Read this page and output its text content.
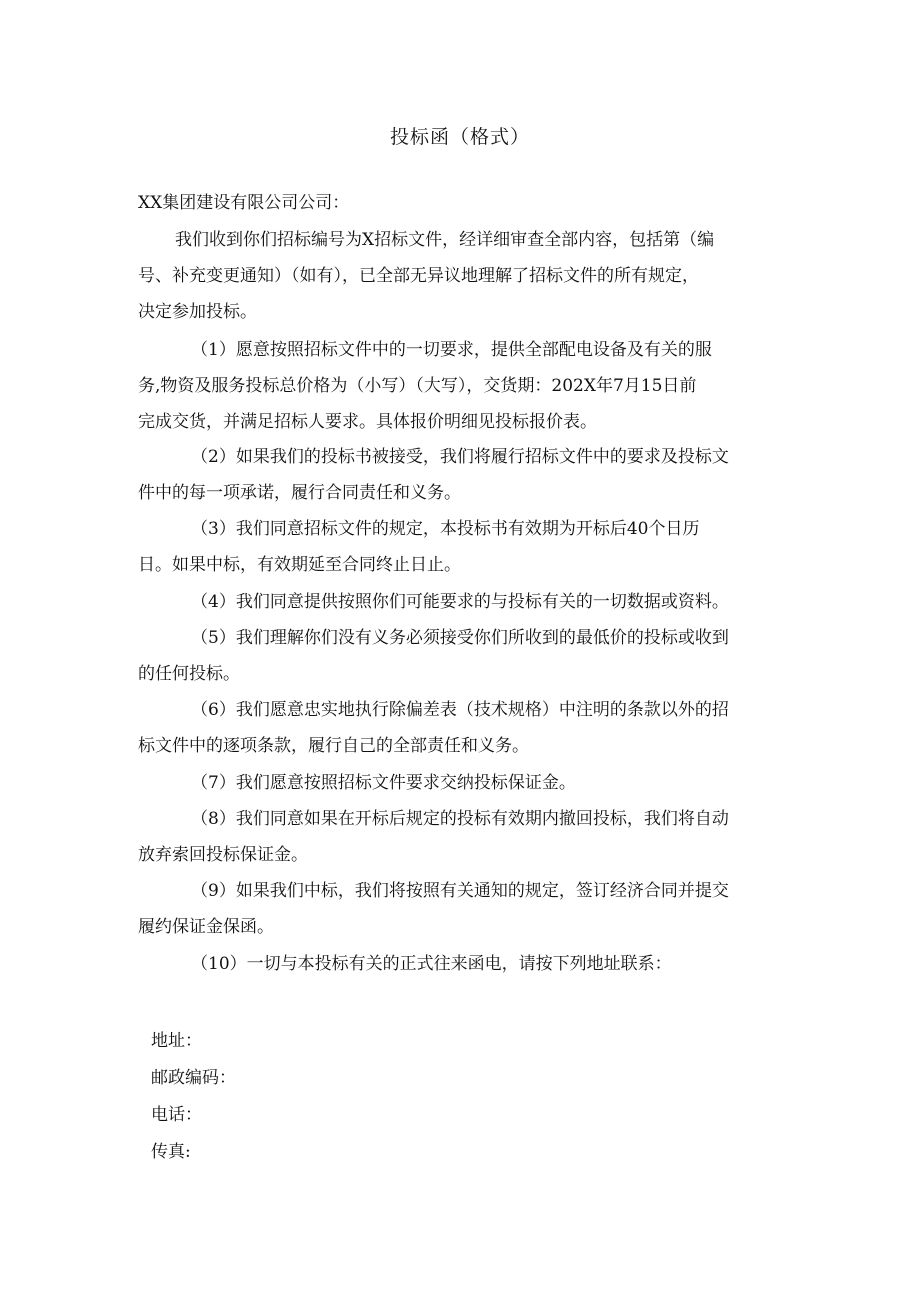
投标函（格式）
XX集团建设有限公司公司：
我们收到你们招标编号为X招标文件，经详细审查全部内容，包括第（编
号、补充变更通知）（如有），已全部无异议地理解了招标文件的所有规定，
决定参加投标。
（1）愿意按照招标文件中的一切要求，提供全部配电设备及有关的服
务,物资及服务投标总价格为（小写）（大写），交货期：202X年7月15日前
完成交货，并满足招标人要求。具体报价明细见投标报价表。
（2）如果我们的投标书被接受，我们将履行招标文件中的要求及投标文
件中的每一项承诺，履行合同责任和义务。
（3）我们同意招标文件的规定，本投标书有效期为开标后40个日历
日。如果中标，有效期延至合同终止日止。
（4）我们同意提供按照你们可能要求的与投标有关的一切数据或资料。
（5）我们理解你们没有义务必须接受你们所收到的最低价的投标或收到
的任何投标。
（6）我们愿意忠实地执行除偏差表（技术规格）中注明的条款以外的招
标文件中的逐项条款，履行自己的全部责任和义务。
（7）我们愿意按照招标文件要求交纳投标保证金。
（8）我们同意如果在开标后规定的投标有效期内撤回投标，我们将自动
放弃索回投标保证金。
（9）如果我们中标，我们将按照有关通知的规定，签订经济合同并提交
履约保证金保函。
（10）一切与本投标有关的正式往来函电，请按下列地址联系：
地址：
邮政编码：
电话：
传真:
